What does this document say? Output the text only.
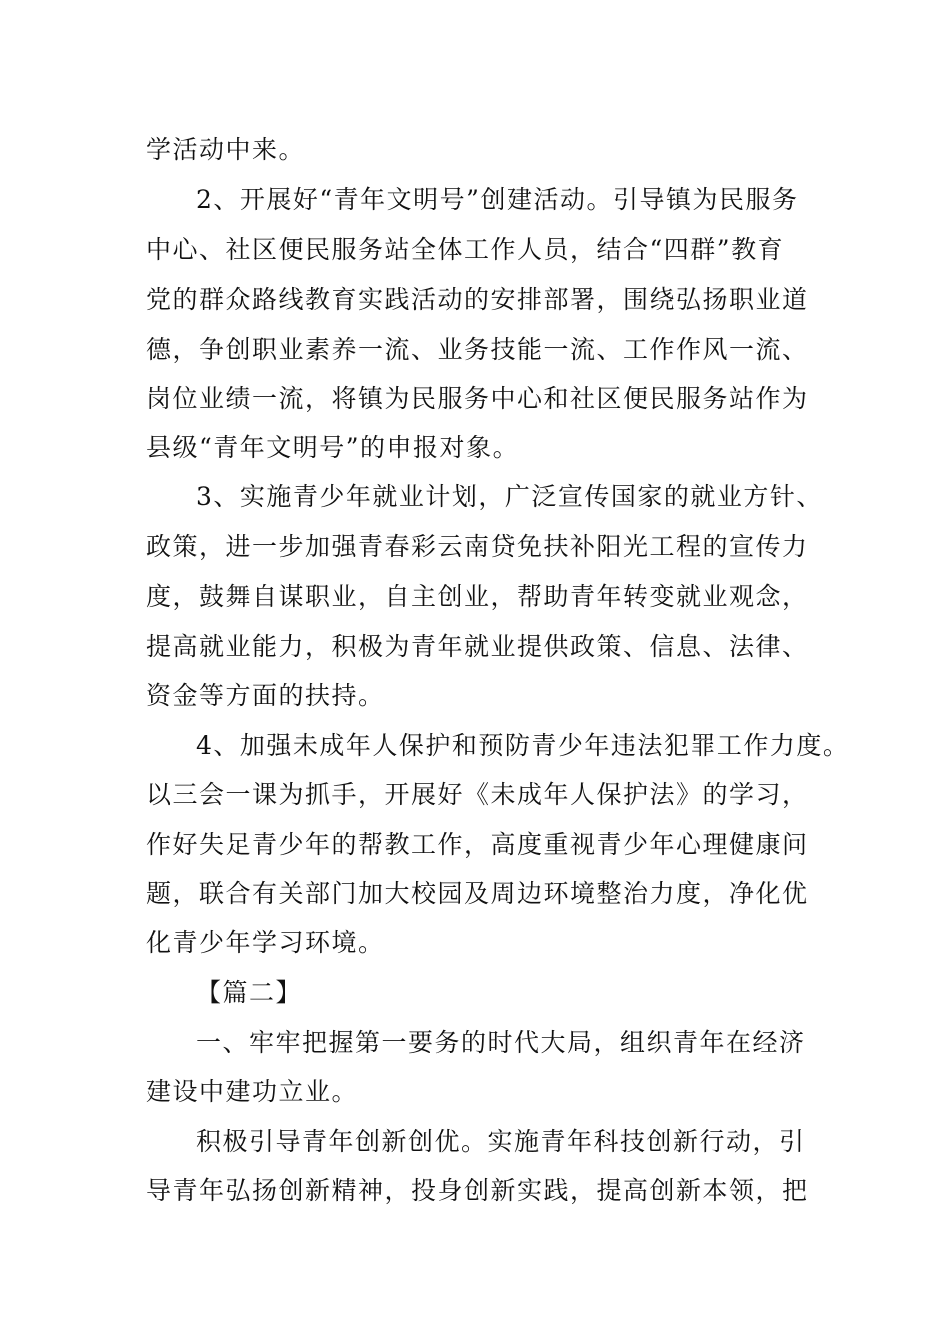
学活动中来。
2、开展好“青年文明号”创建活动。引导镇为民服务
中心、社区便民服务站全体工作人员，结合“四群”教育
党的群众路线教育实践活动的安排部署，围绕弘扬职业道
德，争创职业素养一流、业务技能一流、工作作风一流、
岗位业绩一流，将镇为民服务中心和社区便民服务站作为
县级“青年文明号”的申报对象。
3、实施青少年就业计划，广泛宣传国家的就业方针、
政策，进一步加强青春彩云南贷免扶补阳光工程的宣传力
度，鼓舞自谋职业，自主创业，帮助青年转变就业观念，
提高就业能力，积极为青年就业提供政策、信息、法律、
资金等方面的扶持。
4、加强未成年人保护和预防青少年违法犯罪工作力度。
以三会一课为抓手，开展好《未成年人保护法》的学习，
作好失足青少年的帮教工作，高度重视青少年心理健康问
题，联合有关部门加大校园及周边环境整治力度，净化优
化青少年学习环境。
【篇二】
一、牢牢把握第一要务的时代大局，组织青年在经济
建设中建功立业。
积极引导青年创新创优。实施青年科技创新行动，引
导青年弘扬创新精神，投身创新实践，提高创新本领，把
